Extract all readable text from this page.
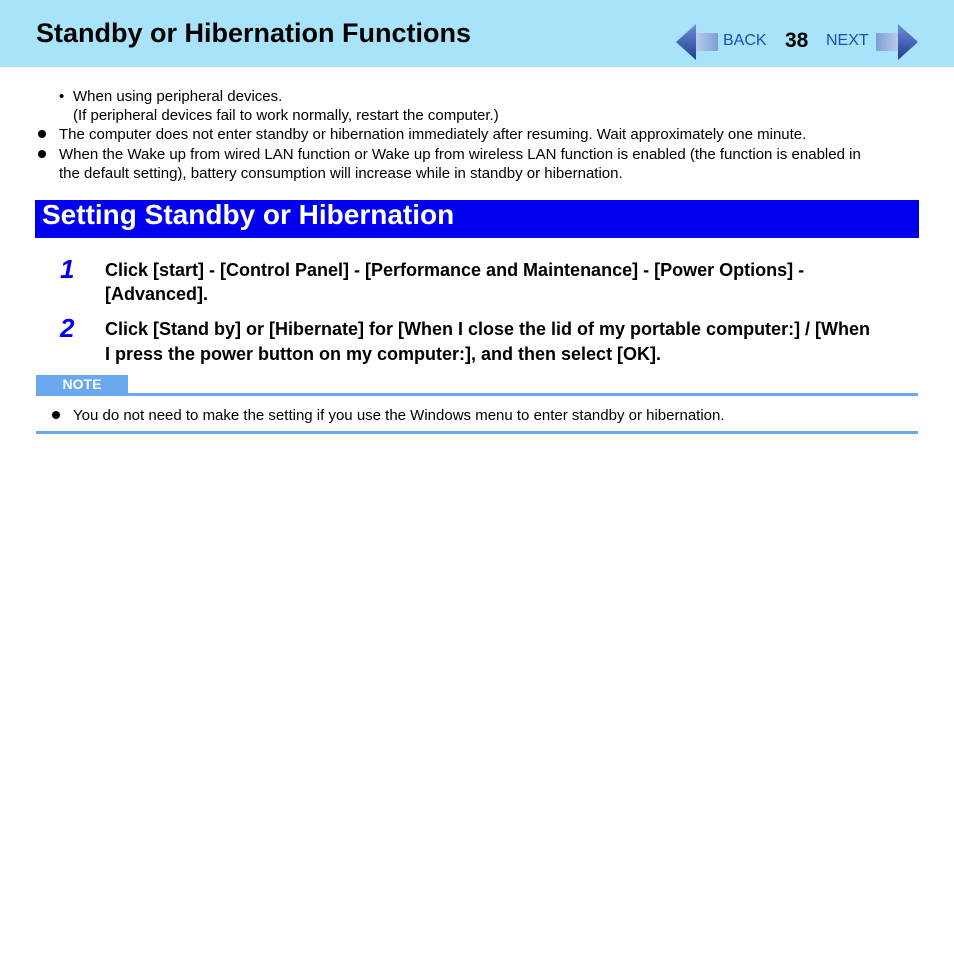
Standby or Hibernation Functions	BACK 38 NEXT
• When using peripheral devices.
(If peripheral devices fail to work normally, restart the computer.)
The computer does not enter standby or hibernation immediately after resuming. Wait approximately one minute.
When the Wake up from wired LAN function or Wake up from wireless LAN function is enabled (the function is enabled in
the default setting), battery consumption will increase while in standby or hibernation.
Setting Standby or Hibernation
1 Click [start] - [Control Panel] - [Performance and Maintenance] - [Power Options] -
[Advanced].
2 Click [Stand by] or [Hibernate] for [When I close the lid of my portable computer:] / [When
I press the power button on my computer:], and then select [OK].
NOTE
You do not need to make the setting if you use the Windows menu to enter standby or hibernation.
